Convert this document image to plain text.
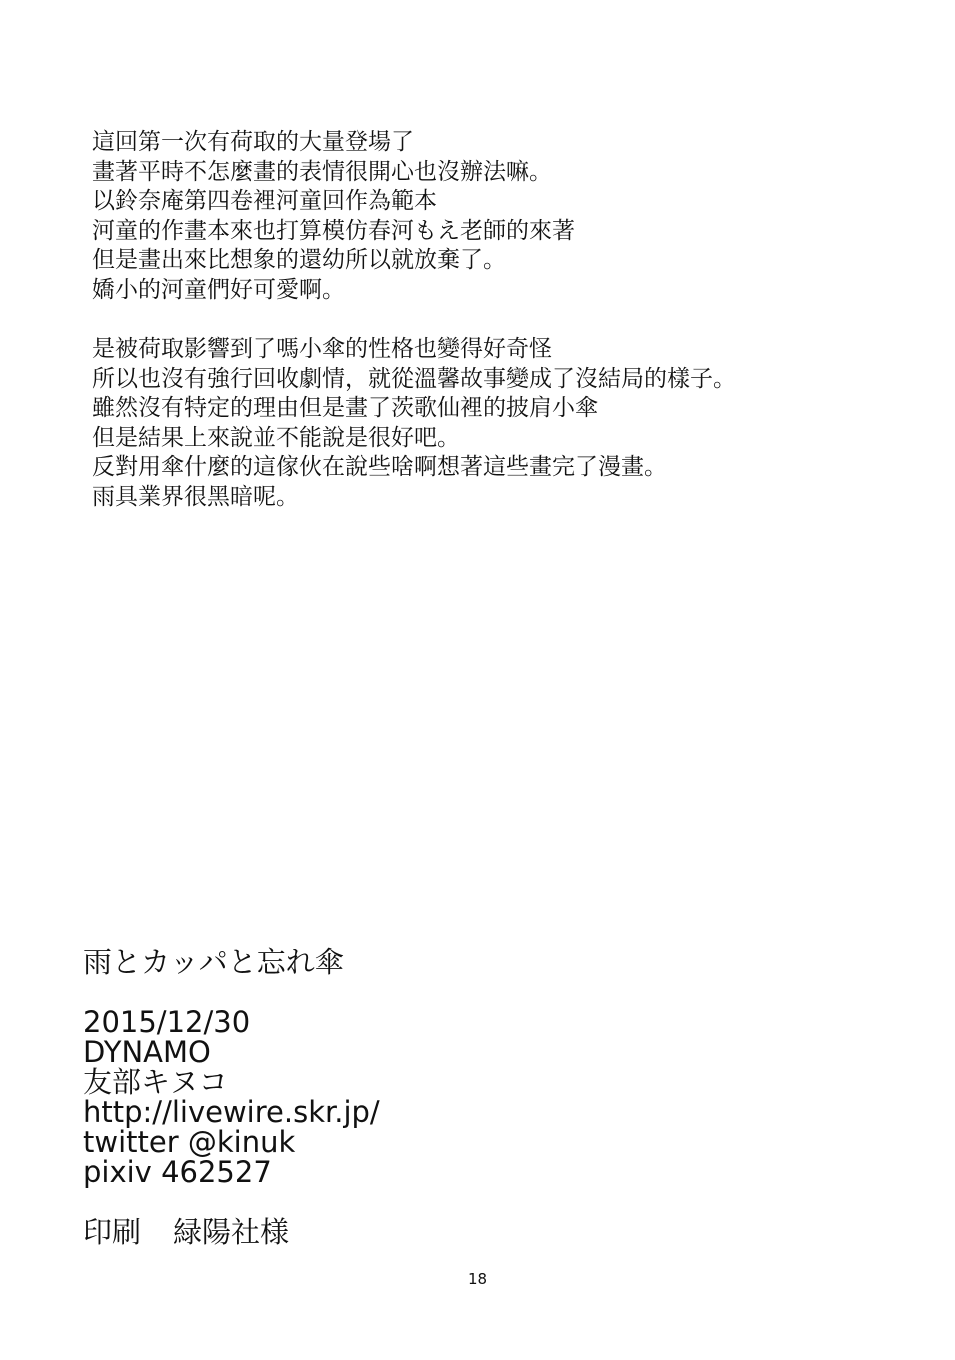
這回第一次有荷取的大量登場了
畫著平時不怎麼畫的表情很開心也沒辦法嘛。
以鈴奈庵第四卷裡河童回作為範本
河童的作畫本來也打算模仿春河もえ老師的來著
但是畫出來比想象的還幼所以就放棄了。
嬌小的河童們好可愛啊。
是被荷取影響到了嗎小傘的性格也變得好奇怪
所以也沒有強行回收劇情，就從溫馨故事變成了沒結局的樣子。
雖然沒有特定的理由但是畫了茨歌仙裡的披肩小傘
但是結果上來說並不能說是很好吧。
反對用傘什麼的這傢伙在說些啥啊想著這些畫完了漫畫。
雨具業界很黑暗呢。
雨とカッパと忘れ傘
2015/12/30
DYNAMO
友部キヌコ
http://livewire.skr.jp/
twitter @kinuk
pixiv 462527
印刷 緑陽社様
18
